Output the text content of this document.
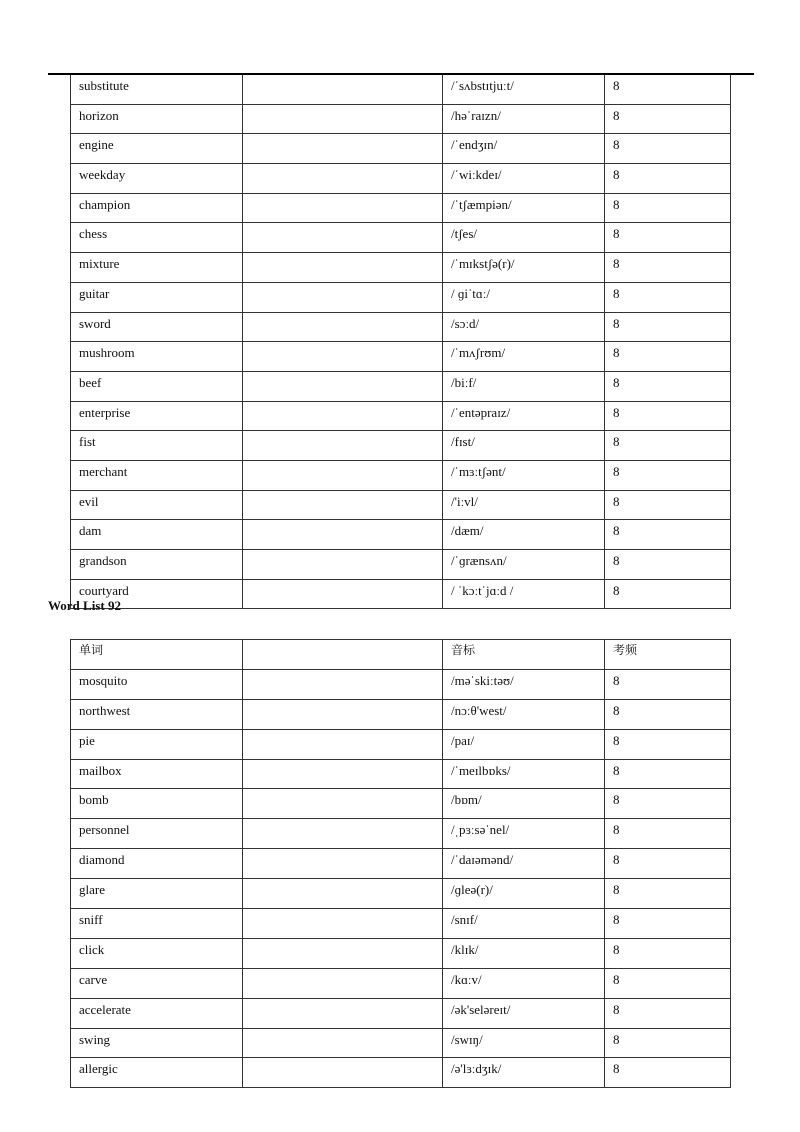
substitute		/ˈsʌbstɪtjuːt/	8
horizon		/həˈraɪzn/	8
engine		/ˈendʒɪn/	8
weekday		/ˈwiːkdeɪ/	8
champion		/ˈtʃæmpiən/	8
chess		/tʃes/	8
mixture		/ˈmɪkstʃə(r)/	8
guitar		/ ɡiˈtɑː/	8
sword		/sɔːd/	8
mushroom		/ˈmʌʃrʊm/	8
beef		/biːf/	8
enterprise		/ˈentəpraɪz/	8
fist		/fɪst/	8
merchant		/ˈmɜːtʃənt/	8
evil		/'iːvl/	8
dam		/dæm/	8
grandson		/ˈɡrænsʌn/	8
courtyard		/ ˈkɔːtˈjɑːd /	8
Word List 92
单词		音标	考频
mosquito		/məˈskiːtəʊ/	8
northwest		/nɔːθ'west/	8
pie		/paɪ/	8
mailbox		/ˈmeɪlbɒks/	8
bomb		/bɒm/	8
personnel		/ˌpɜːsəˈnel/	8
diamond		/ˈdaɪəmənd/	8
glare		/ɡleə(r)/	8
sniff		/snɪf/	8
click		/klɪk/	8
carve		/kɑːv/	8
accelerate		/ək'seləreɪt/	8
swing		/swɪŋ/	8
allergic		/ə'lɜːdʒɪk/	8
